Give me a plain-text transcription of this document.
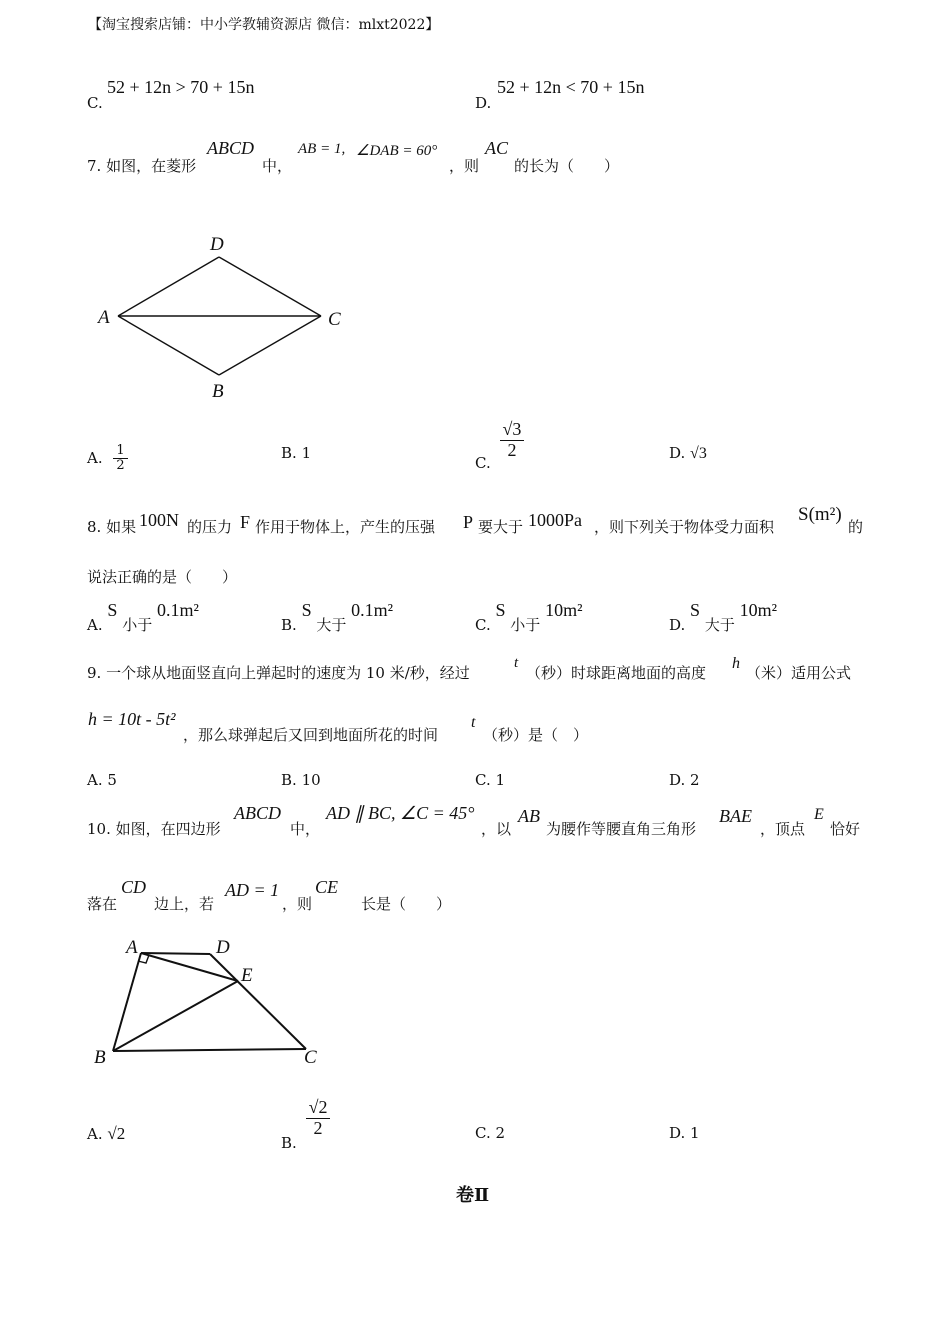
【淘宝搜索店铺：中小学教辅资源店 微信：mlxt2022】
C.
52 + 12n > 70 + 15n
D.
52 + 12n < 70 + 15n
7. 如图，在菱形
ABCD
中，
AB = 1, ∠DAB = 60°
，则
AC
的长为（　　）
D
A	C
B
A. $\frac{1}{2}$	B. 1
C.
$\frac{√3}{2}$	D. √3
8. 如果 100N 的压力 F 作用于物体上，产生的压强 P 要大于 1000Pa ，则下列关于物体受力面积
S(m²)
的
说法正确的是（　　）
A. S 小于 0.1m²
B. S 大于 0.1m²
C. S 小于 10m²
D. S 大于 10m²
9. 一个球从地面竖直向上弹起时的速度为 10 米/秒，经过
t
（秒）时球距离地面的高度
h
（米）适用公式
h = 10t - 5t²
，那么球弹起后又回到地面所花的时间
t
（秒）是（　）
A. 5	B. 10	C. 1	D. 2
10. 如图，在四边形
ABCD
中，
AD ∥ BC, ∠C = 45°
，以
AB
为腰作等腰直角三角形
BAE
，顶点
E
恰好
落在
CD
边上，若
AD = 1
，则
CE
长是（　　）
A	D
E
B	C
A. √2
B.
$\frac{√2}{2}$	C. 2	D. 1
卷Ⅱ
